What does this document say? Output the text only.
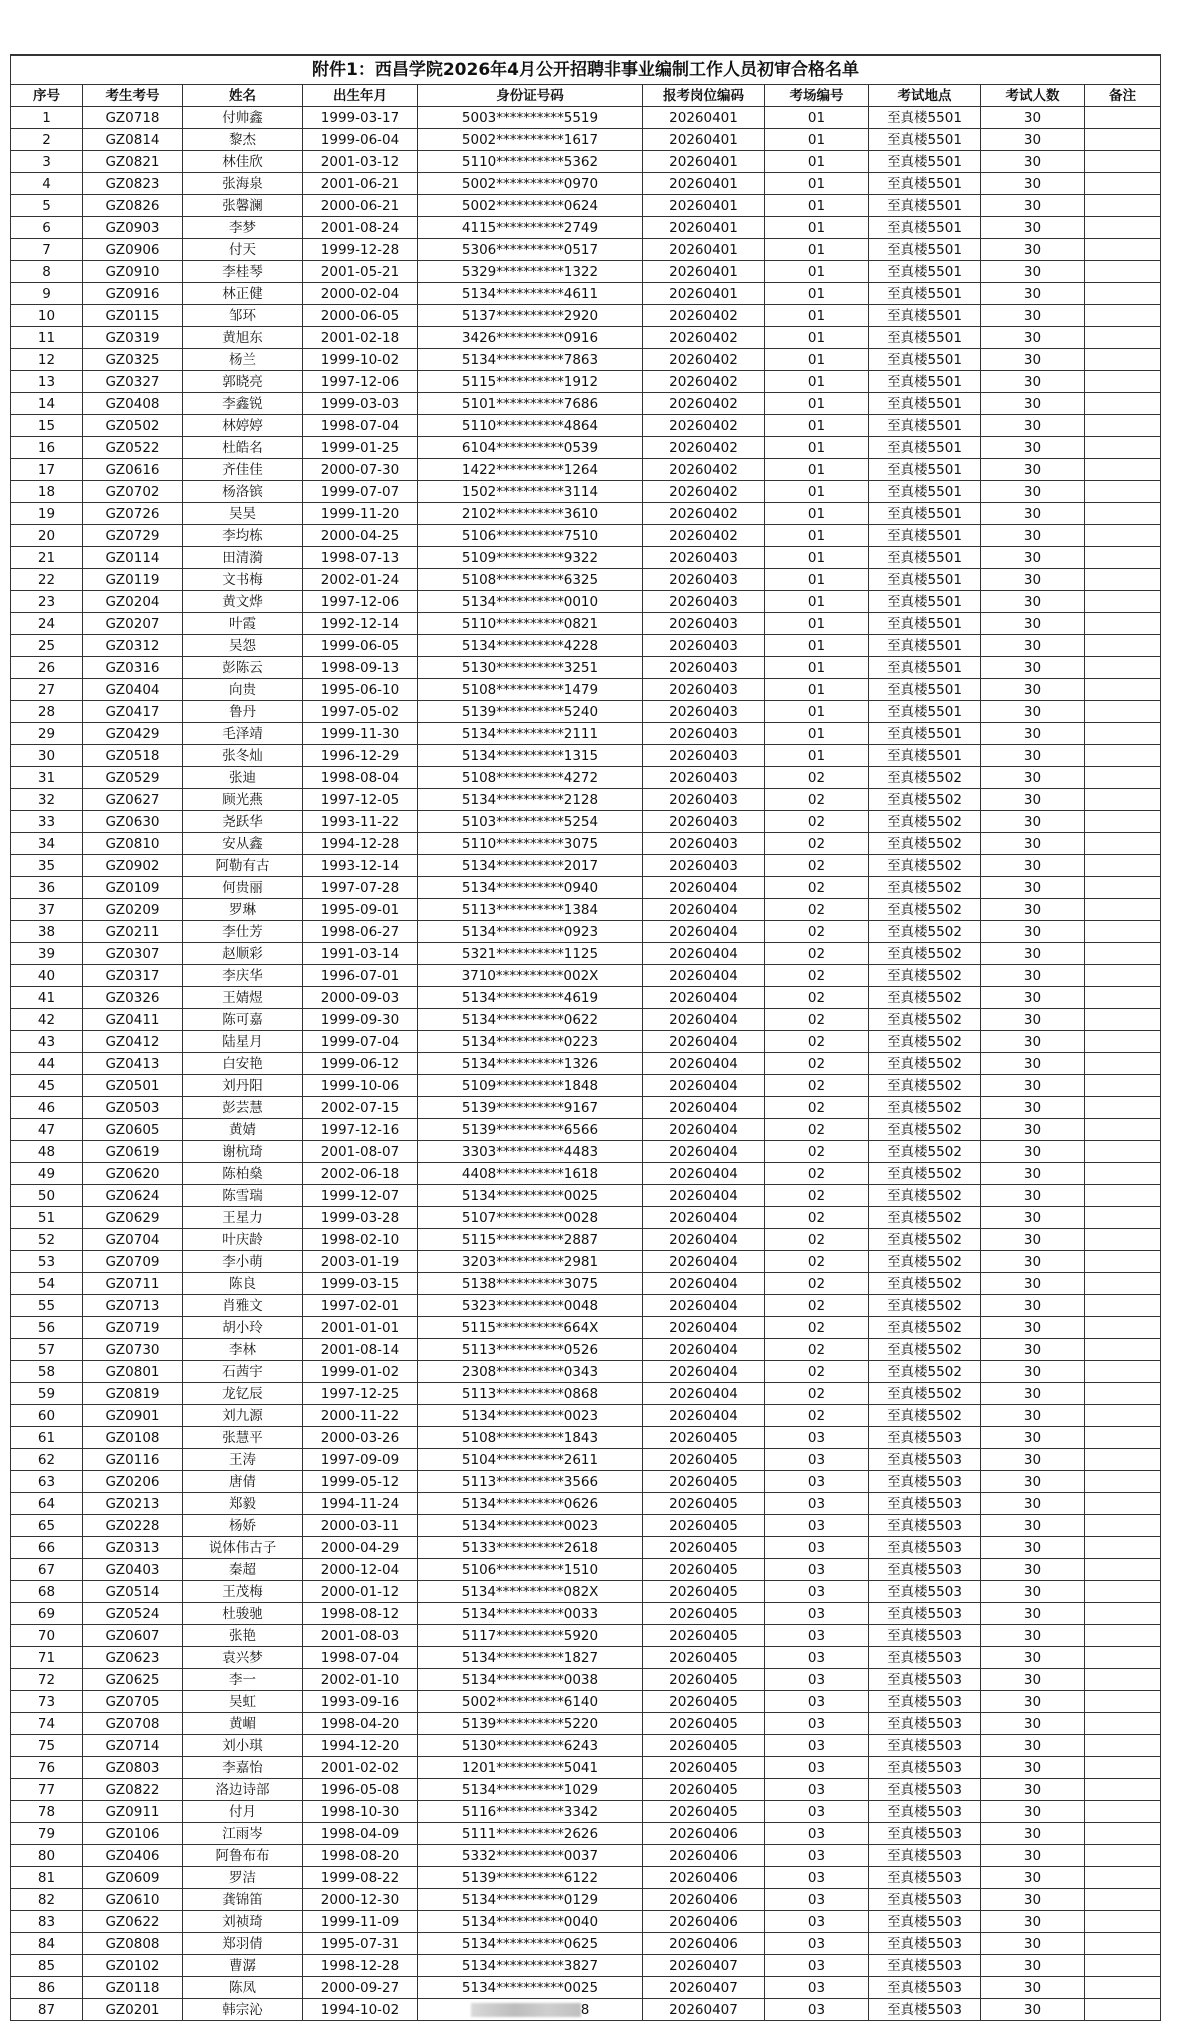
附件1：西昌学院2026年4月公开招聘非事业编制工作人员初审合格名单									
序号	考生考号	姓名	出生年月	身份证号码	报考岗位编码	考场编号	考试地点	考试人数	备注
1	GZ0718	付帅鑫	1999-03-17	5003**********5519	20260401	01	至真楼5501	30	
2	GZ0814	黎杰	1999-06-04	5002**********1617	20260401	01	至真楼5501	30	
3	GZ0821	林佳欣	2001-03-12	5110**********5362	20260401	01	至真楼5501	30	
4	GZ0823	张海泉	2001-06-21	5002**********0970	20260401	01	至真楼5501	30	
5	GZ0826	张馨澜	2000-06-21	5002**********0624	20260401	01	至真楼5501	30	
6	GZ0903	李梦	2001-08-24	4115**********2749	20260401	01	至真楼5501	30	
7	GZ0906	付天	1999-12-28	5306**********0517	20260401	01	至真楼5501	30	
8	GZ0910	李桂琴	2001-05-21	5329**********1322	20260401	01	至真楼5501	30	
9	GZ0916	林正健	2000-02-04	5134**********4611	20260401	01	至真楼5501	30	
10	GZ0115	邹环	2000-06-05	5137**********2920	20260402	01	至真楼5501	30	
11	GZ0319	黄旭东	2001-02-18	3426**********0916	20260402	01	至真楼5501	30	
12	GZ0325	杨兰	1999-10-02	5134**********7863	20260402	01	至真楼5501	30	
13	GZ0327	郭晓亮	1997-12-06	5115**********1912	20260402	01	至真楼5501	30	
14	GZ0408	李鑫锐	1999-03-03	5101**********7686	20260402	01	至真楼5501	30	
15	GZ0502	林婷婷	1998-07-04	5110**********4864	20260402	01	至真楼5501	30	
16	GZ0522	杜皓名	1999-01-25	6104**********0539	20260402	01	至真楼5501	30	
17	GZ0616	齐佳佳	2000-07-30	1422**********1264	20260402	01	至真楼5501	30	
18	GZ0702	杨洛镔	1999-07-07	1502**********3114	20260402	01	至真楼5501	30	
19	GZ0726	吴昊	1999-11-20	2102**********3610	20260402	01	至真楼5501	30	
20	GZ0729	李均栋	2000-04-25	5106**********7510	20260402	01	至真楼5501	30	
21	GZ0114	田清漪	1998-07-13	5109**********9322	20260403	01	至真楼5501	30	
22	GZ0119	文书梅	2002-01-24	5108**********6325	20260403	01	至真楼5501	30	
23	GZ0204	黄文烨	1997-12-06	5134**********0010	20260403	01	至真楼5501	30	
24	GZ0207	叶霞	1992-12-14	5110**********0821	20260403	01	至真楼5501	30	
25	GZ0312	吴怨	1999-06-05	5134**********4228	20260403	01	至真楼5501	30	
26	GZ0316	彭陈云	1998-09-13	5130**********3251	20260403	01	至真楼5501	30	
27	GZ0404	向贵	1995-06-10	5108**********1479	20260403	01	至真楼5501	30	
28	GZ0417	鲁丹	1997-05-02	5139**********5240	20260403	01	至真楼5501	30	
29	GZ0429	毛泽靖	1999-11-30	5134**********2111	20260403	01	至真楼5501	30	
30	GZ0518	张冬灿	1996-12-29	5134**********1315	20260403	01	至真楼5501	30	
31	GZ0529	张迪	1998-08-04	5108**********4272	20260403	02	至真楼5502	30	
32	GZ0627	顾光燕	1997-12-05	5134**********2128	20260403	02	至真楼5502	30	
33	GZ0630	尧跃华	1993-11-22	5103**********5254	20260403	02	至真楼5502	30	
34	GZ0810	安从鑫	1994-12-28	5110**********3075	20260403	02	至真楼5502	30	
35	GZ0902	阿勒有古	1993-12-14	5134**********2017	20260403	02	至真楼5502	30	
36	GZ0109	何贵丽	1997-07-28	5134**********0940	20260404	02	至真楼5502	30	
37	GZ0209	罗琳	1995-09-01	5113**********1384	20260404	02	至真楼5502	30	
38	GZ0211	李仕芳	1998-06-27	5134**********0923	20260404	02	至真楼5502	30	
39	GZ0307	赵顺彩	1991-03-14	5321**********1125	20260404	02	至真楼5502	30	
40	GZ0317	李庆华	1996-07-01	3710**********002X	20260404	02	至真楼5502	30	
41	GZ0326	王婧煜	2000-09-03	5134**********4619	20260404	02	至真楼5502	30	
42	GZ0411	陈可嘉	1999-09-30	5134**********0622	20260404	02	至真楼5502	30	
43	GZ0412	陆星月	1999-07-04	5134**********0223	20260404	02	至真楼5502	30	
44	GZ0413	白安艳	1999-06-12	5134**********1326	20260404	02	至真楼5502	30	
45	GZ0501	刘丹阳	1999-10-06	5109**********1848	20260404	02	至真楼5502	30	
46	GZ0503	彭芸慧	2002-07-15	5139**********9167	20260404	02	至真楼5502	30	
47	GZ0605	黄婧	1997-12-16	5139**********6566	20260404	02	至真楼5502	30	
48	GZ0619	谢杭琦	2001-08-07	3303**********4483	20260404	02	至真楼5502	30	
49	GZ0620	陈柏燊	2002-06-18	4408**********1618	20260404	02	至真楼5502	30	
50	GZ0624	陈雪瑞	1999-12-07	5134**********0025	20260404	02	至真楼5502	30	
51	GZ0629	王星力	1999-03-28	5107**********0028	20260404	02	至真楼5502	30	
52	GZ0704	叶庆龄	1998-02-10	5115**********2887	20260404	02	至真楼5502	30	
53	GZ0709	李小萌	2003-01-19	3203**********2981	20260404	02	至真楼5502	30	
54	GZ0711	陈良	1999-03-15	5138**********3075	20260404	02	至真楼5502	30	
55	GZ0713	肖雅文	1997-02-01	5323**********0048	20260404	02	至真楼5502	30	
56	GZ0719	胡小玲	2001-01-01	5115**********664X	20260404	02	至真楼5502	30	
57	GZ0730	李林	2001-08-14	5113**********0526	20260404	02	至真楼5502	30	
58	GZ0801	石茜宇	1999-01-02	2308**********0343	20260404	02	至真楼5502	30	
59	GZ0819	龙钇辰	1997-12-25	5113**********0868	20260404	02	至真楼5502	30	
60	GZ0901	刘九源	2000-11-22	5134**********0023	20260404	02	至真楼5502	30	
61	GZ0108	张慧平	2000-03-26	5108**********1843	20260405	03	至真楼5503	30	
62	GZ0116	王涛	1997-09-09	5104**********2611	20260405	03	至真楼5503	30	
63	GZ0206	唐倩	1999-05-12	5113**********3566	20260405	03	至真楼5503	30	
64	GZ0213	郑毅	1994-11-24	5134**********0626	20260405	03	至真楼5503	30	
65	GZ0228	杨娇	2000-03-11	5134**********0023	20260405	03	至真楼5503	30	
66	GZ0313	说体伟古子	2000-04-29	5133**********2618	20260405	03	至真楼5503	30	
67	GZ0403	秦超	2000-12-04	5106**********1510	20260405	03	至真楼5503	30	
68	GZ0514	王茂梅	2000-01-12	5134**********082X	20260405	03	至真楼5503	30	
69	GZ0524	杜骏驰	1998-08-12	5134**********0033	20260405	03	至真楼5503	30	
70	GZ0607	张艳	2001-08-03	5117**********5920	20260405	03	至真楼5503	30	
71	GZ0623	袁兴梦	1998-07-04	5134**********1827	20260405	03	至真楼5503	30	
72	GZ0625	李一	2002-01-10	5134**********0038	20260405	03	至真楼5503	30	
73	GZ0705	吴虹	1993-09-16	5002**********6140	20260405	03	至真楼5503	30	
74	GZ0708	黄嵋	1998-04-20	5139**********5220	20260405	03	至真楼5503	30	
75	GZ0714	刘小琪	1994-12-20	5130**********6243	20260405	03	至真楼5503	30	
76	GZ0803	李嘉怡	2001-02-02	1201**********5041	20260405	03	至真楼5503	30	
77	GZ0822	洛边诗部	1996-05-08	5134**********1029	20260405	03	至真楼5503	30	
78	GZ0911	付月	1998-10-30	5116**********3342	20260405	03	至真楼5503	30	
79	GZ0106	江雨岑	1998-04-09	5111**********2626	20260406	03	至真楼5503	30	
80	GZ0406	阿鲁布布	1998-08-20	5332**********0037	20260406	03	至真楼5503	30	
81	GZ0609	罗洁	1999-08-22	5139**********6122	20260406	03	至真楼5503	30	
82	GZ0610	龚锦笛	2000-12-30	5134**********0129	20260406	03	至真楼5503	30	
83	GZ0622	刘祯琦	1999-11-09	5134**********0040	20260406	03	至真楼5503	30	
84	GZ0808	郑羽倩	1995-07-31	5134**********0625	20260406	03	至真楼5503	30	
85	GZ0102	曹潺	1998-12-28	5134**********3827	20260407	03	至真楼5503	30	
86	GZ0118	陈凤	2000-09-27	5134**********0025	20260407	03	至真楼5503	30	
87	GZ0201	韩宗沁	1994-10-02	8	20260407	03	至真楼5503	30	
